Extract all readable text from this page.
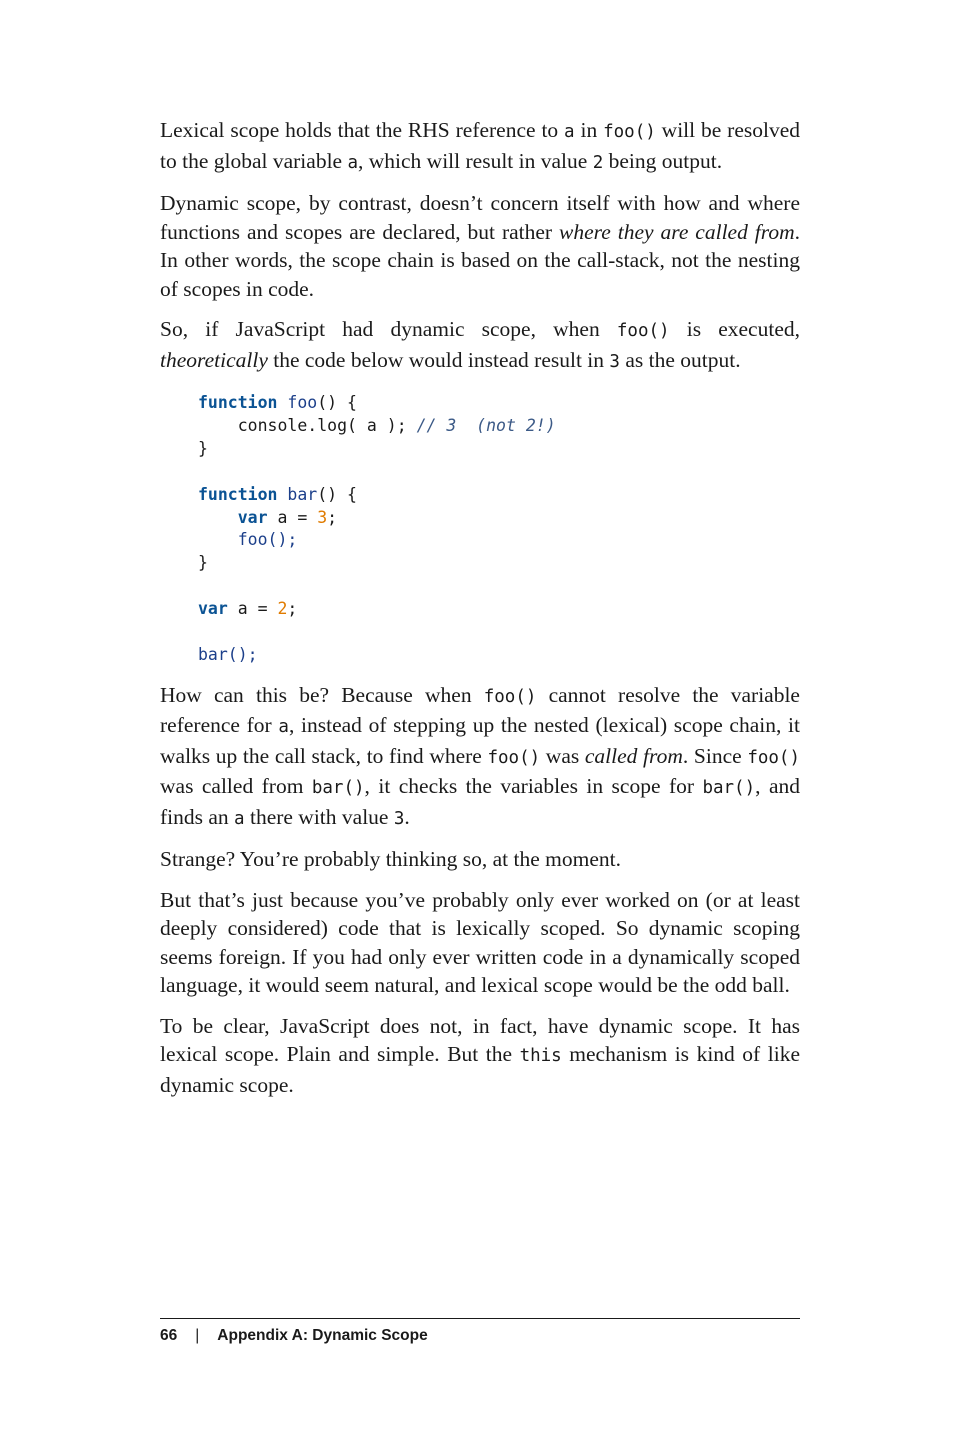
Lexical scope holds that the RHS reference to a in foo() will be resolved to the global variable a, which will result in value 2 being output.

Dynamic scope, by contrast, doesn’t concern itself with how and where functions and scopes are declared, but rather where they are called from. In other words, the scope chain is based on the call-stack, not the nesting of scopes in code.

So, if JavaScript had dynamic scope, when foo() is executed, theoretically the code below would instead result in 3 as the output.

function foo() {
console.log( a ); // 3  (not 2!)
}

function bar() {
var a = 3;
foo();
}

var a = 2;

bar();

How can this be? Because when foo() cannot resolve the variable reference for a, instead of stepping up the nested (lexical) scope chain, it walks up the call stack, to find where foo() was called from. Since foo() was called from bar(), it checks the variables in scope for bar(), and finds an a there with value 3.

Strange? You’re probably thinking so, at the moment.

But that’s just because you’ve probably only ever worked on (or at least deeply considered) code that is lexically scoped. So dynamic scoping seems foreign. If you had only ever written code in a dynamically scoped language, it would seem natural, and lexical scope would be the odd ball.

To be clear, JavaScript does not, in fact, have dynamic scope. It has lexical scope. Plain and simple. But the this mechanism is kind of like dynamic scope.

66 | Appendix A: Dynamic Scope
